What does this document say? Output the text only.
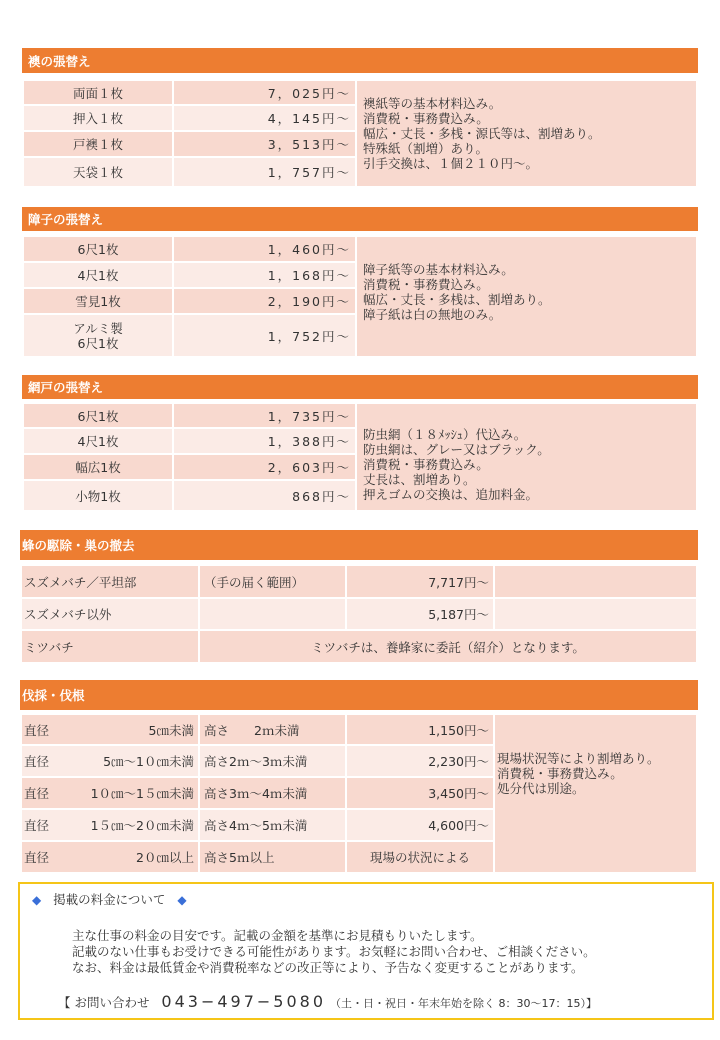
襖の張替え
両面１枚	7，025円～	襖紙等の基本材料込み。
消費税・事務費込み。
幅広・丈長・多桟・源氏等は、割増あり。
特殊紙（割増）あり。
引手交換は、１個２１０円～。

押入１枚	4，145円～	
戸襖１枚	3，513円～	
天袋１枚	1，757円～	
障子の張替え
6尺1枚	1，460円～	障子紙等の基本材料込み。
消費税・事務費込み。
幅広・丈長・多桟は、割増あり。
障子紙は白の無地のみ。

4尺1枚	1，168円～	
雪見1枚	2，190円～	

アルミ製
6尺1枚	1，752円～	
網戸の張替え
6尺1枚	1，735円～	防虫網（１８ﾒｯｼｭ）代込み。
防虫網は、グレー又はブラック。
消費税・事務費込み。
丈長は、割増あり。
押えゴムの交換は、追加料金。

4尺1枚	1，388円～	
幅広1枚	2，603円～	
小物1枚	868円～	
蜂の駆除・巣の撤去
スズメバチ／平坦部	（手の届く範囲）	7,717円～	
スズメバチ以外		5,187円～	
ミツバチ	ミツバチは、養蜂家に委託（紹介）となります。		
伐採・伐根
直径	5㎝未満	高さ　　2ｍ未満	1,150円～	
現場状況等により割増あり。
消費税・事務費込み。
処分代は別途。

直径 5㎝～1０㎝未満	高さ2ｍ～3ｍ未満	2,230円～	

直径 1０㎝～1５㎝未満	高さ3ｍ～4ｍ未満	3,450円～	

直径 1５㎝～2０㎝未満	高さ4ｍ～5ｍ未満	4,600円～	

直径 2０㎝以上	高さ5ｍ以上	現場の状況による	
◆ 掲載の料金について ◆
主な仕事の料金の目安です。記載の金額を基準にお見積もりいたします。
記載のない仕事もお受けできる可能性があります。お気軽にお問い合わせ、ご相談ください。
なお、料金は最低賃金や消費税率などの改正等により、予告なく変更することがあります。
【 お問い合わせ 043−497−5080 （土・日・祝日・年末年始を除く 8：30～17：15）】
